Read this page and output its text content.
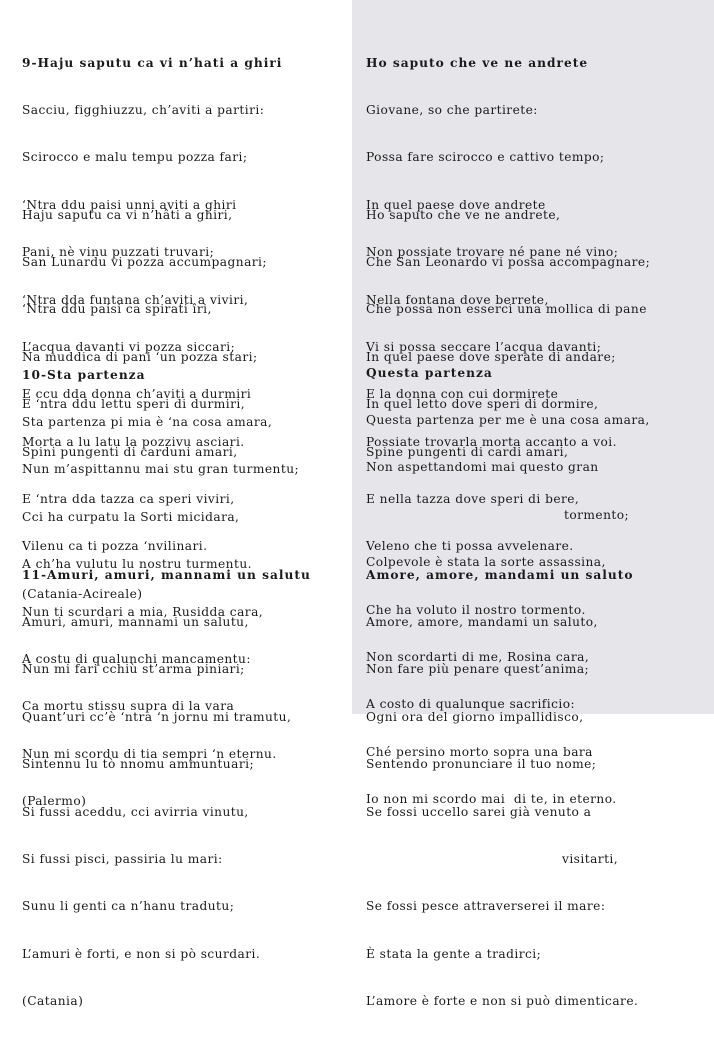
9-Haju saputu ca vi n’hati a ghiri

Sacciu, figghiuzzu, ch’aviti a partiri:

Scirocco e malu tempu pozza fari;

‘Ntra ddu paisi unni aviti a ghiri

Pani, nè vinu puzzati truvari;

‘Ntra dda funtana ch’aviti a viviri,

L’acqua davanti vi pozza siccari;

E ccu dda donna ch’aviti a durmiri

Morta a lu latu la pozzivu asciari.

Haju saputu ca vi n’hâti a ghiri,

San Lunardu vi pozza accumpagnari;

‘Ntra ddu paisi ca spirati îri,

Na muddica di pani ‘un pozza stari;

E ‘ntra ddu lettu speri di durmiri,

Spini pungenti di carduni amari,

E ‘ntra dda tazza ca speri viviri,

Vilenu ca ti pozza ‘nvilinari.

(Catania-Acireale)

10-Sta partenza

Sta partenza pi mia è ‘na cosa amara,

Nun m’aspittannu mai stu gran turmentu;

Cci ha curpatu la Sorti micidara,

A ch’ha vulutu lu nostru turmentu.

Nun ti scurdari a mia, Rusidda cara,

A costu di qualunchi mancamentu:

Ca mortu stissu supra di la vara

Nun mi scordu di tia sempri ‘n eternu.

(Palermo)

11-Amuri, amuri, mannami un salutu

Amuri, amuri, mannami un salutu,

Nun mi fari cchiù st’arma piniari;

Quant’uri cc’è ‘ntra ‘n jornu mi tramutu,

Sintennu lu tò nnomu ammuntuari;

Si fussi aceddu, cci avirria vinutu,

Si fussi pisci, passiria lu mari:

Sunu li genti ca n’hanu tradutu;

L’amuri è forti, e non si pò scurdari.

(Catania)

Ho saputo che ve ne andrete

Giovane, so che partirete:

Possa fare scirocco e cattivo tempo;

In quel paese dove andrete

Non possiate trovare né pane né vino;

Nella fontana dove berrete,

Vi si possa seccare l’acqua davanti;

E la donna con cui dormirete

Possiate trovarla morta accanto a voi.

Ho saputo che ve ne andrete,

Che San Leonardo vi possa accompagnare;

Che possa non esserci una mollica di pane

In quel paese dove sperate di andare;

In quel letto dove speri di dormire,

Spine pungenti di cardi amari,

E nella tazza dove speri di bere,

Veleno che ti possa avvelenare.

Questa partenza

Questa partenza per me è una cosa amara,

Non aspettandomi mai questo gran

tormento;

Colpevole è stata la sorte assassina,

Che ha voluto il nostro tormento.

Non scordarti di me, Rosina cara,

A costo di qualunque sacrificio:

Ché persino morto sopra una bara

Io non mi scordo mai  di te, in eterno.

Amore, amore, mandami un saluto

Amore, amore, mandami un saluto,

Non fare più penare quest’anima;

Ogni ora del giorno impallidisco,

Sentendo pronunciare il tuo nome;

Se fossi uccello sarei già venuto a

visitarti,

Se fossi pesce attraverserei il mare:

È stata la gente a tradirci;

L’amore è forte e non si può dimenticare.
